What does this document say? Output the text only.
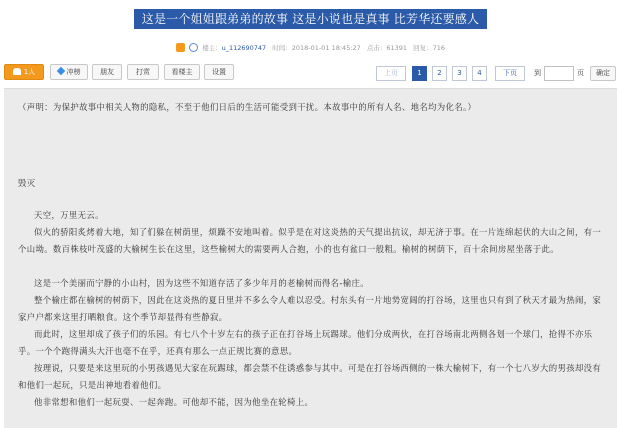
这是一个姐姐跟弟弟的故事 这是小说也是真事 比芳华还要感人
楼主：u_112690747 时间：2018-01-01 18:45:27 点击：61391 回复：716
1人	冲榜	朋友	打赏	看楼主	设置	上页	1	2	3	4	下页	到	页	确定

（声明：为保护故事中相关人物的隐私，不至于他们日后的生活可能受到干扰。本故事中的所有人名、地名均为化名。）

毁灭

天空，万里无云。

似火的骄阳炙烤着大地，知了们躲在树荫里，烦躁不安地叫着。似乎是在对这炎热的天气提出抗议，却无济于事。在一片连绵起伏的大山之间，有一个山坳。数百株枝叶茂盛的大榆树生长在这里，这些榆树大的需要两人合抱，小的也有盆口一般粗。榆树的树荫下，百十余间房屋坐落于此。

这是一个美丽而宁静的小山村，因为这些不知道存活了多少年月的老榆树而得名-榆庄。

整个榆庄都在榆树的树荫下，因此在这炎热的夏日里并不多么令人难以忍受。村东头有一片地势宽阔的打谷场，这里也只有到了秋天才最为热闹，家家户户都来这里打晒粮食。这个季节却显得有些静寂。

而此时，这里却成了孩子们的乐园。有七八个十岁左右的孩子正在打谷场上玩踢球。他们分成两伙，在打谷场南北两侧各划一个球门，抢得不亦乐乎。一个个跑得满头大汗也毫不在乎，还真有那么一点正规比赛的意思。

按理说，只要是来这里玩的小男孩遇见大家在玩踢球，都会禁不住诱惑参与其中。可是在打谷场西侧的一株大榆树下，有一个七八岁大的男孩却没有和他们一起玩，只是出神地看着他们。

他非常想和他们一起玩耍、一起奔跑。可他却不能，因为他坐在轮椅上。
